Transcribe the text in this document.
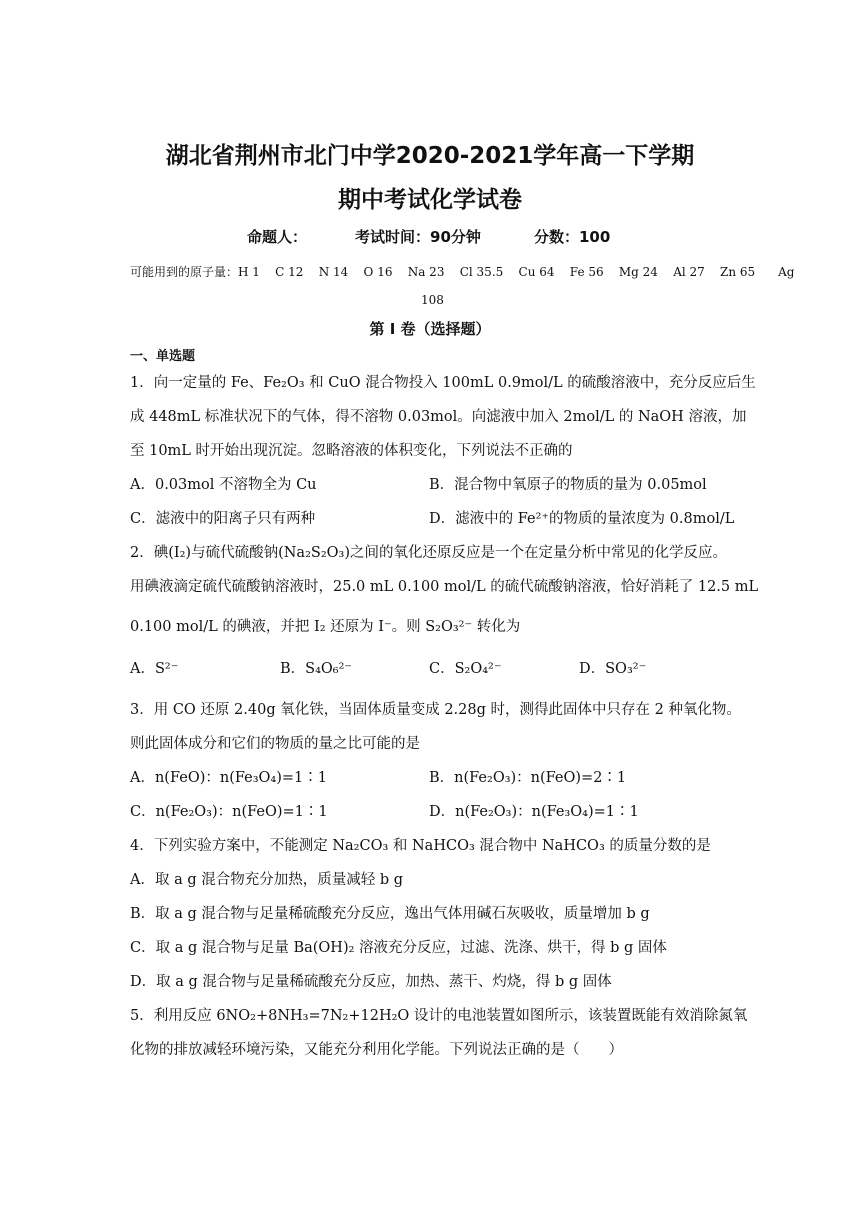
湖北省荆州市北门中学2020-2021学年高一下学期
期中考试化学试卷
命题人：	考试时间：90分钟	分数：100
可能用到的原子量：H 1    C 12    N 14    O 16    Na 23    Cl 35.5    Cu 64    Fe 56    Mg 24    Al 27    Zn 65      Ag
108
第 I 卷（选择题）
一、单选题
1．向一定量的 Fe、Fe₂O₃ 和 CuO 混合物投入 100mL 0.9mol/L 的硫酸溶液中，充分反应后生
成 448mL 标准状况下的气体，得不溶物 0.03mol。向滤液中加入 2mol/L 的 NaOH 溶液，加
至 10mL 时开始出现沉淀。忽略溶液的体积变化，下列说法不正确的
A．0.03mol 不溶物全为 Cu	B．混合物中氧原子的物质的量为 0.05mol
C．滤液中的阳离子只有两种	D．滤液中的 Fe²⁺的物质的量浓度为 0.8mol/L
2．碘(I₂)与硫代硫酸钠(Na₂S₂O₃)之间的氧化还原反应是一个在定量分析中常见的化学反应。
用碘液滴定硫代硫酸钠溶液时，25.0 mL 0.100 mol/L 的硫代硫酸钠溶液，恰好消耗了 12.5 mL
0.100 mol/L 的碘液，并把 I₂ 还原为 I⁻。则 S₂O₃²⁻ 转化为
A．S²⁻	B．S₄O₆²⁻	C．S₂O₄²⁻	D．SO₃²⁻
3．用 CO 还原 2.40g 氧化铁，当固体质量变成 2.28g 时，测得此固体中只存在 2 种氧化物。
则此固体成分和它们的物质的量之比可能的是
A．n(FeO)：n(Fe₃O₄)=1∶1	B．n(Fe₂O₃)：n(FeO)=2∶1
C．n(Fe₂O₃)：n(FeO)=1∶1	D．n(Fe₂O₃)：n(Fe₃O₄)=1∶1
4．下列实验方案中，不能测定 Na₂CO₃ 和 NaHCO₃ 混合物中 NaHCO₃ 的质量分数的是
A．取 a g 混合物充分加热，质量减轻 b g
B．取 a g 混合物与足量稀硫酸充分反应，逸出气体用碱石灰吸收，质量增加 b g
C．取 a g 混合物与足量 Ba(OH)₂ 溶液充分反应，过滤、洗涤、烘干，得 b g 固体
D．取 a g 混合物与足量稀硫酸充分反应，加热、蒸干、灼烧，得 b g 固体
5．利用反应 6NO₂+8NH₃=7N₂+12H₂O 设计的电池装置如图所示，该装置既能有效消除氮氧
化物的排放减轻环境污染，又能充分利用化学能。下列说法正确的是（　　）
